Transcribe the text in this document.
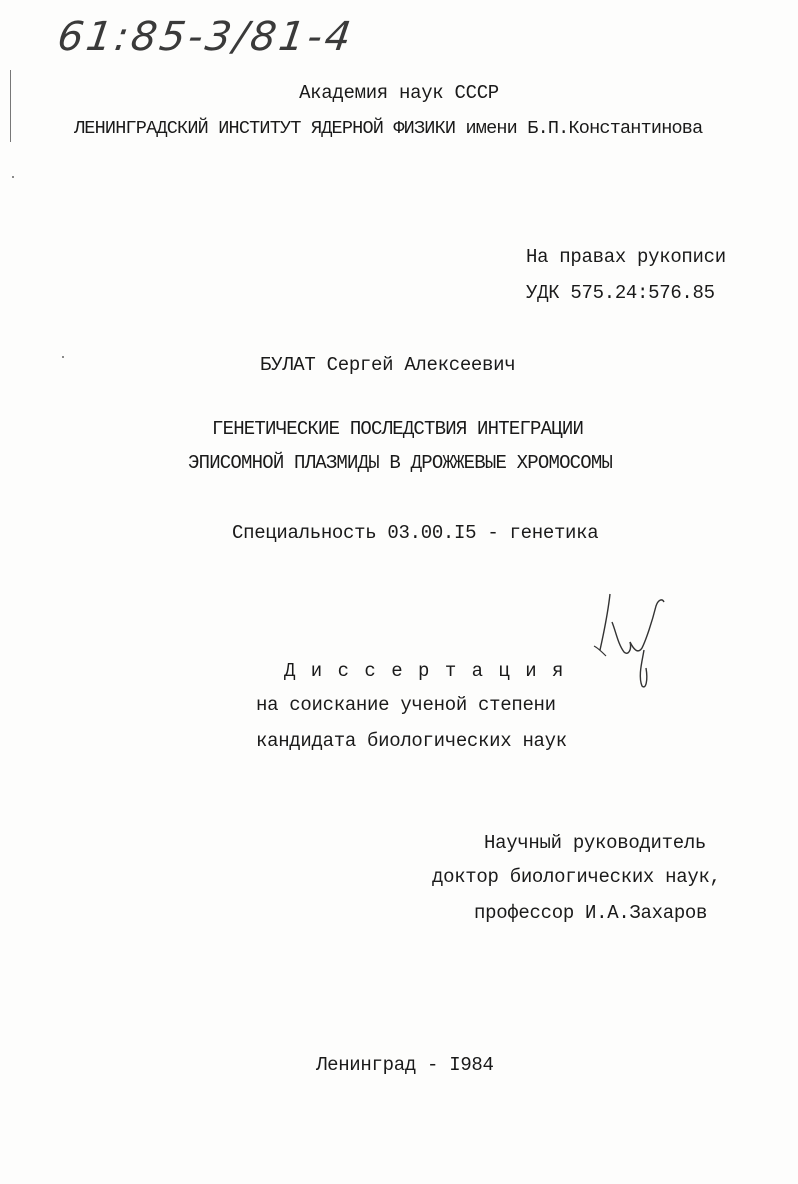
61:85-3/81-4
Академия наук СССР
ЛЕНИНГРАДСКИЙ ИНСТИТУТ ЯДЕРНОЙ ФИЗИКИ имени Б.П.Константинова
На правах рукописи
УДК 575.24:576.85
БУЛАТ Сергей Алексеевич
ГЕНЕТИЧЕСКИЕ ПОСЛЕДСТВИЯ ИНТЕГРАЦИИ
ЭПИСОМНОЙ ПЛАЗМИДЫ В ДРОЖЖЕВЫЕ ХРОМОСОМЫ
Специальность 03.00.I5 - генетика
Д и с с е р т а ц и я
на соискание ученой степени
кандидата биологических наук
Научный руководитель
доктор биологических наук,
профессор И.А.Захаров
Ленинград - I984
